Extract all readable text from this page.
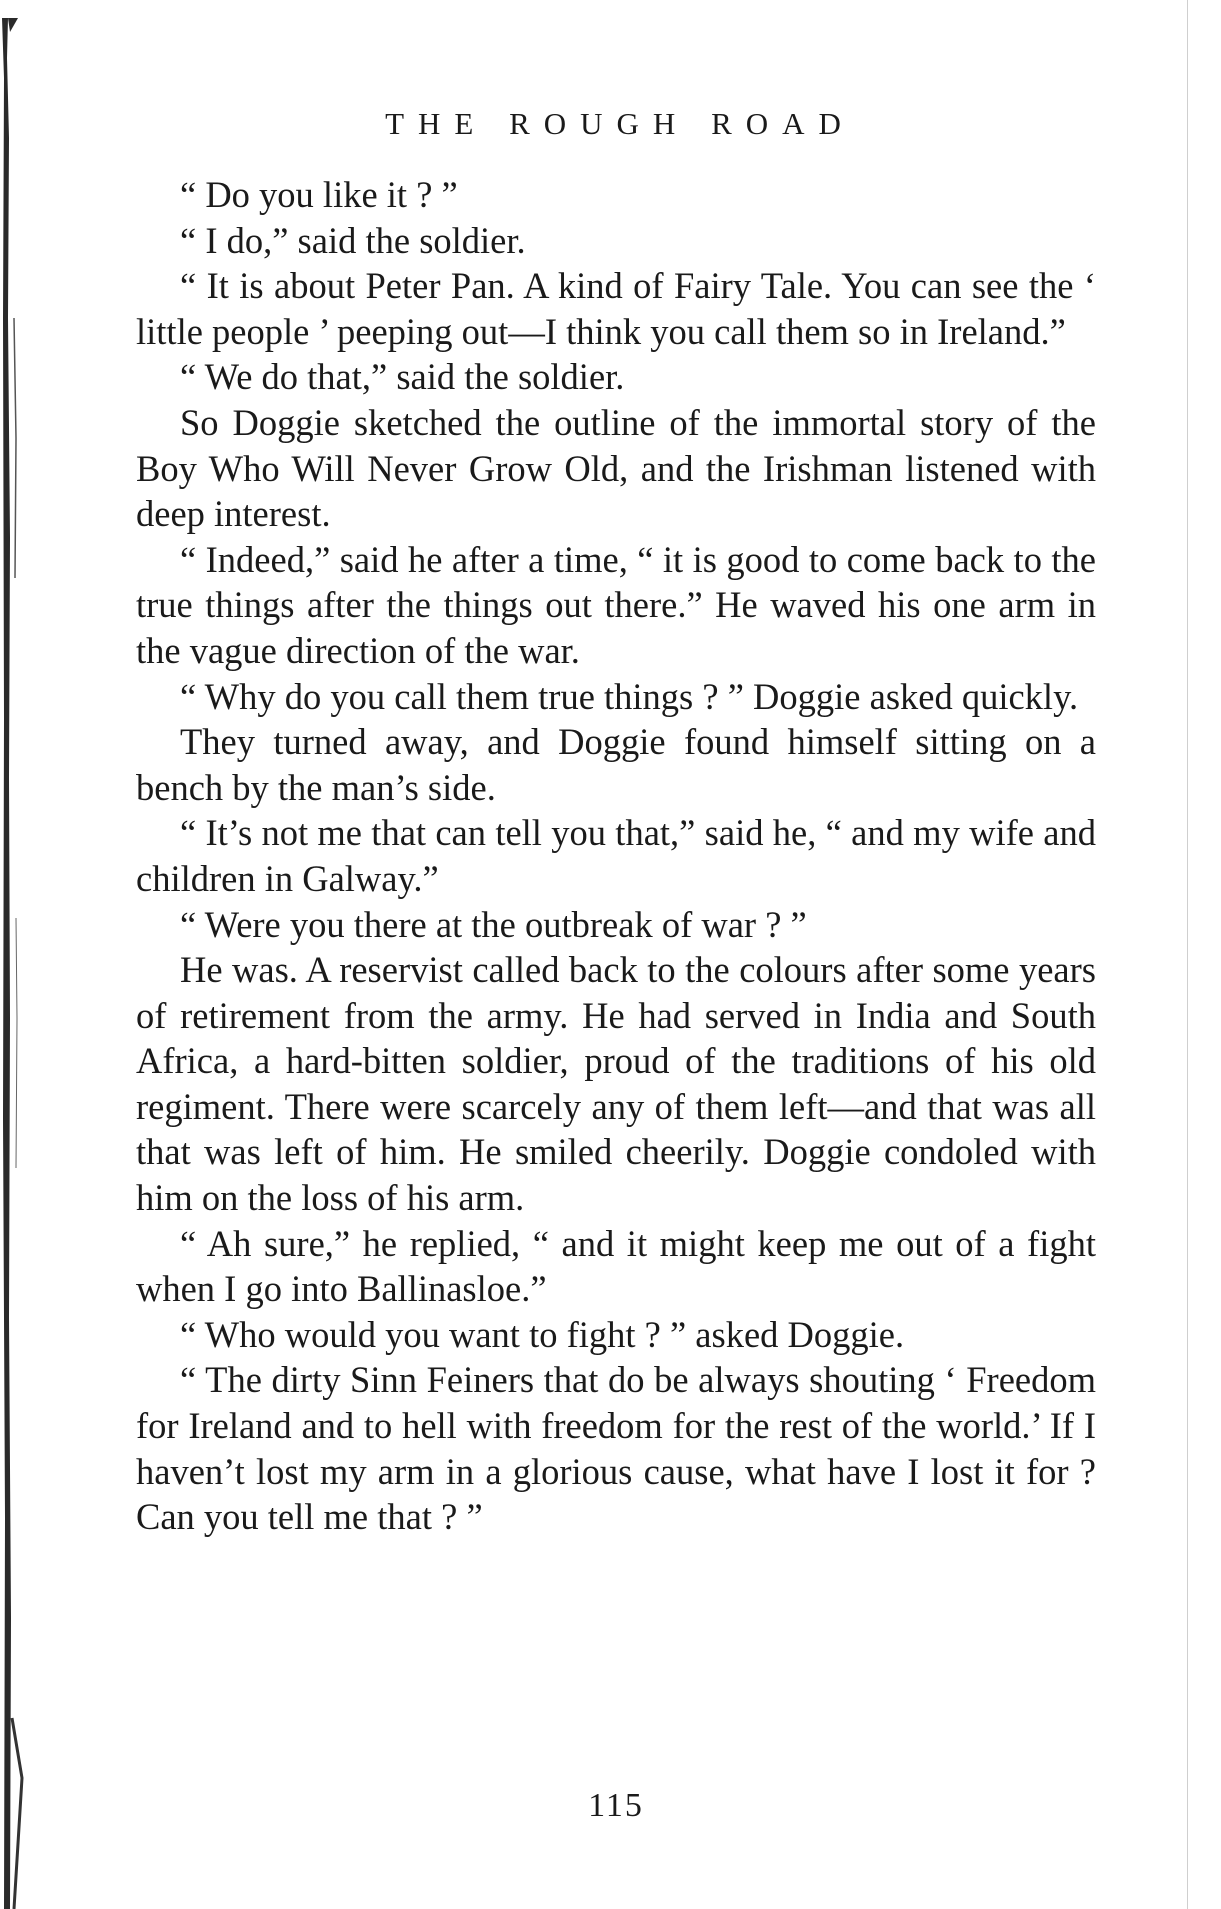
THE ROUGH ROAD

“ Do you like it ? ”

“ I do,” said the soldier.

“ It is about Peter Pan. A kind of Fairy Tale. You can see the ‘ little people ’ peeping out—I think you call them so in Ireland.”

“ We do that,” said the soldier.

So Doggie sketched the outline of the immortal story of the Boy Who Will Never Grow Old, and the Irishman listened with deep interest.

“ Indeed,” said he after a time, “ it is good to come back to the true things after the things out there.” He waved his one arm in the vague direction of the war.

“ Why do you call them true things ? ” Doggie asked quickly.

They turned away, and Doggie found himself sitting on a bench by the man’s side.

“ It’s not me that can tell you that,” said he, “ and my wife and children in Galway.”

“ Were you there at the outbreak of war ? ”

He was. A reservist called back to the colours after some years of retirement from the army. He had served in India and South Africa, a hard-bitten soldier, proud of the traditions of his old regiment. There were scarcely any of them left—and that was all that was left of him. He smiled cheerily. Doggie condoled with him on the loss of his arm.

“ Ah sure,” he replied, “ and it might keep me out of a fight when I go into Ballinasloe.”

“ Who would you want to fight ? ” asked Doggie.

“ The dirty Sinn Feiners that do be always shouting ‘ Freedom for Ireland and to hell with freedom for the rest of the world.’ If I haven’t lost my arm in a glorious cause, what have I lost it for ? Can you tell me that ? ”

115
